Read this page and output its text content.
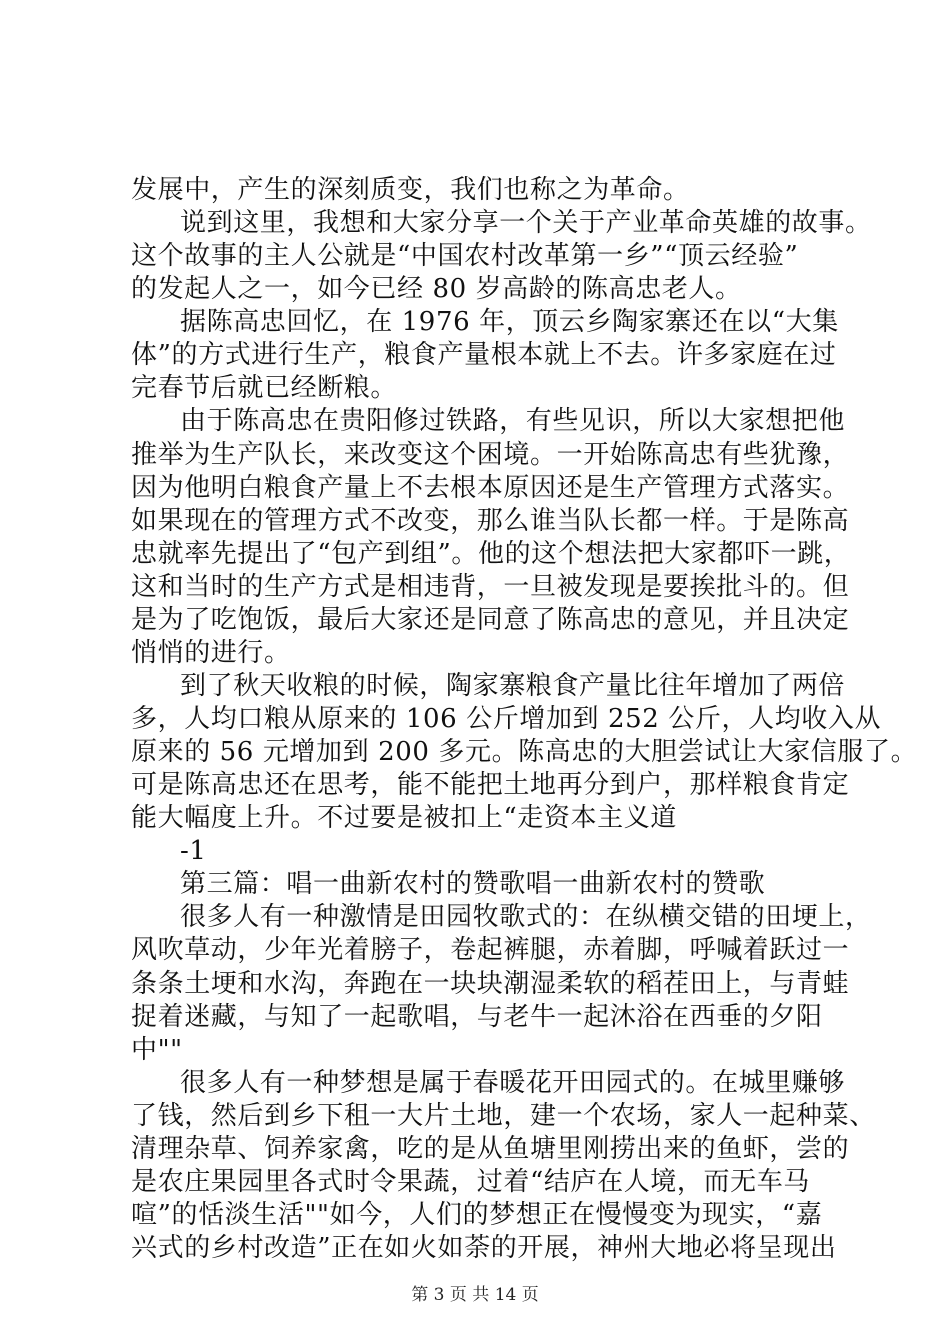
发展中，产生的深刻质变，我们也称之为革命。
说到这里，我想和大家分享一个关于产业革命英雄的故事。
这个故事的主人公就是“中国农村改革第一乡”“顶云经验”
的发起人之一，如今已经 80 岁高龄的陈高忠老人。
据陈高忠回忆，在 1976 年，顶云乡陶家寨还在以“大集
体”的方式进行生产，粮食产量根本就上不去。许多家庭在过
完春节后就已经断粮。
由于陈高忠在贵阳修过铁路，有些见识，所以大家想把他
推举为生产队长，来改变这个困境。一开始陈高忠有些犹豫，
因为他明白粮食产量上不去根本原因还是生产管理方式落实。
如果现在的管理方式不改变，那么谁当队长都一样。于是陈高
忠就率先提出了“包产到组”。他的这个想法把大家都吓一跳，
这和当时的生产方式是相违背，一旦被发现是要挨批斗的。但
是为了吃饱饭，最后大家还是同意了陈高忠的意见，并且决定
悄悄的进行。
到了秋天收粮的时候，陶家寨粮食产量比往年增加了两倍
多，人均口粮从原来的 106 公斤增加到 252 公斤，人均收入从
原来的 56 元增加到 200 多元。陈高忠的大胆尝试让大家信服了。
可是陈高忠还在思考，能不能把土地再分到户，那样粮食肯定
能大幅度上升。不过要是被扣上“走资本主义道
-1
第三篇：唱一曲新农村的赞歌唱一曲新农村的赞歌
很多人有一种激情是田园牧歌式的：在纵横交错的田埂上，
风吹草动，少年光着膀子，卷起裤腿，赤着脚，呼喊着跃过一
条条土埂和水沟，奔跑在一块块潮湿柔软的稻茬田上，与青蛙
捉着迷藏，与知了一起歌唱，与老牛一起沐浴在西垂的夕阳
中""
很多人有一种梦想是属于春暖花开田园式的。在城里赚够
了钱，然后到乡下租一大片土地，建一个农场，家人一起种菜、
清理杂草、饲养家禽，吃的是从鱼塘里刚捞出来的鱼虾，尝的
是农庄果园里各式时令果蔬，过着“结庐在人境，而无车马
喧”的恬淡生活""如今，人们的梦想正在慢慢变为现实，“嘉
兴式的乡村改造”正在如火如荼的开展，神州大地必将呈现出
第 3 页 共 14 页
